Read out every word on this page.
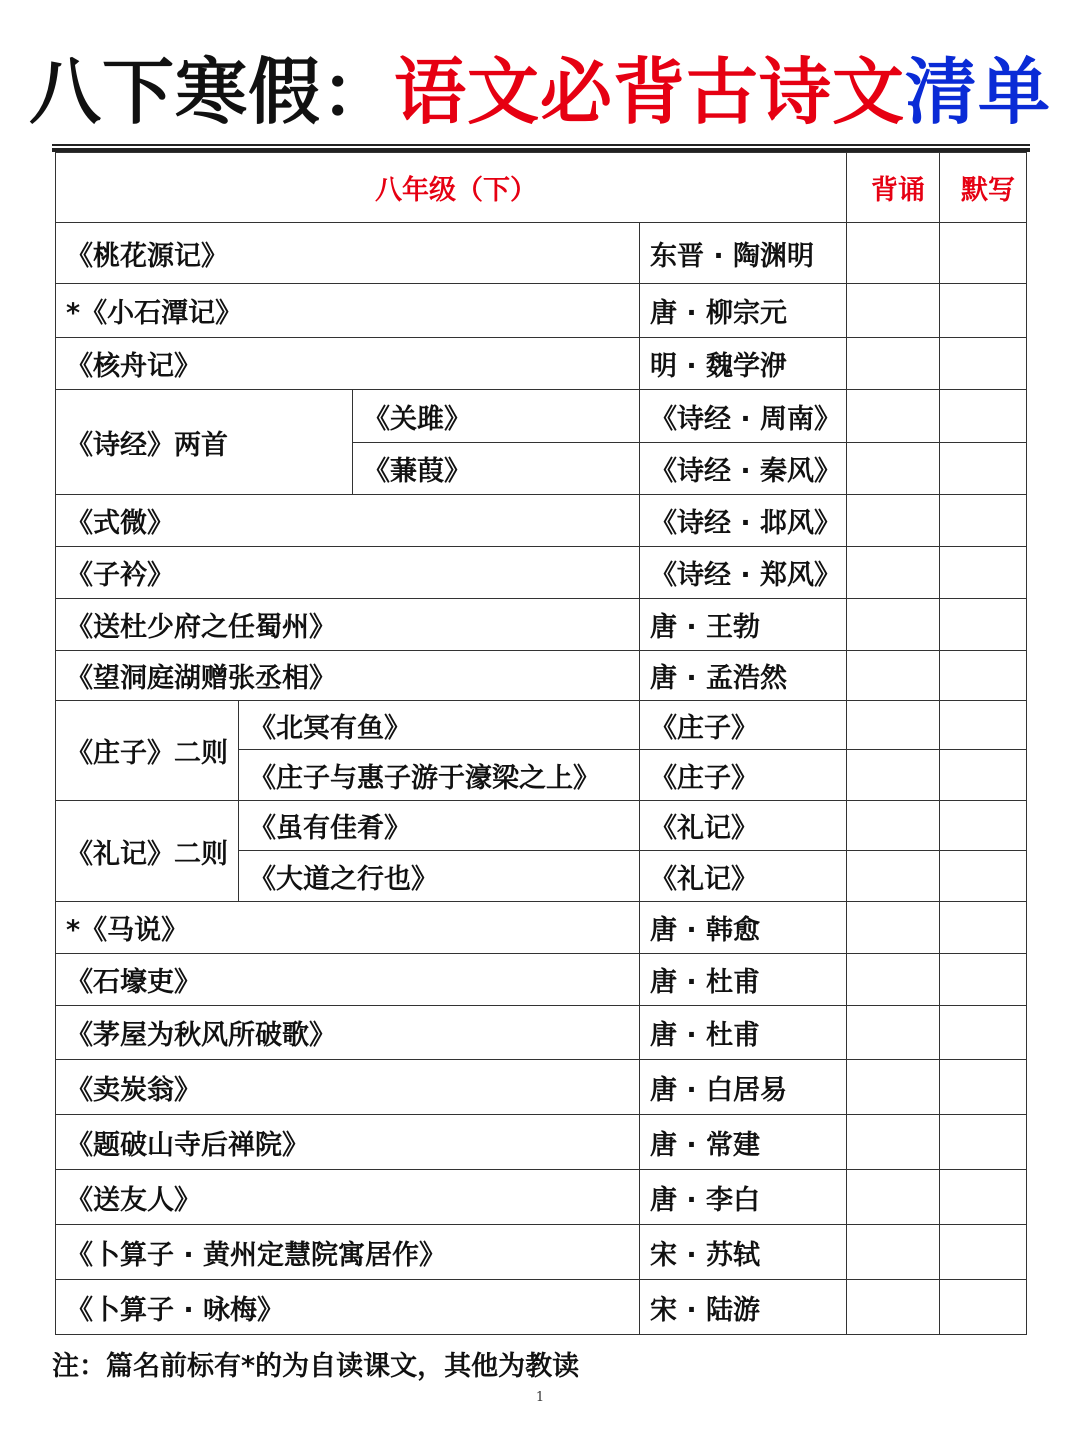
八下寒假：语文必背古诗文清单
八年级（下）				背诵	默写
《桃花源记》			东晋 · 陶渊明		
*《小石潭记》			唐 · 柳宗元		
《核舟记》			明 · 魏学洢		
《诗经》两首		《关雎》	《诗经 · 周南》		
		《蒹葭》	《诗经 · 秦风》		
《式微》			《诗经 · 邶风》		
《子衿》			《诗经 · 郑风》		
《送杜少府之任蜀州》			唐 · 王勃		
《望洞庭湖赠张丞相》			唐 · 孟浩然		
《庄子》二则	《北冥有鱼》		《庄子》		
	《庄子与惠子游于濠梁之上》		《庄子》		
《礼记》二则	《虽有佳肴》		《礼记》		
	《大道之行也》		《礼记》		
*《马说》			唐 · 韩愈		
《石壕吏》			唐 · 杜甫		
《茅屋为秋风所破歌》			唐 · 杜甫		
《卖炭翁》			唐 · 白居易		
《题破山寺后禅院》			唐 · 常建		
《送友人》			唐 · 李白		
《卜算子 · 黄州定慧院寓居作》			宋 · 苏轼		
《卜算子 · 咏梅》			宋 · 陆游		
注：篇名前标有*的为自读课文，其他为教读
1
